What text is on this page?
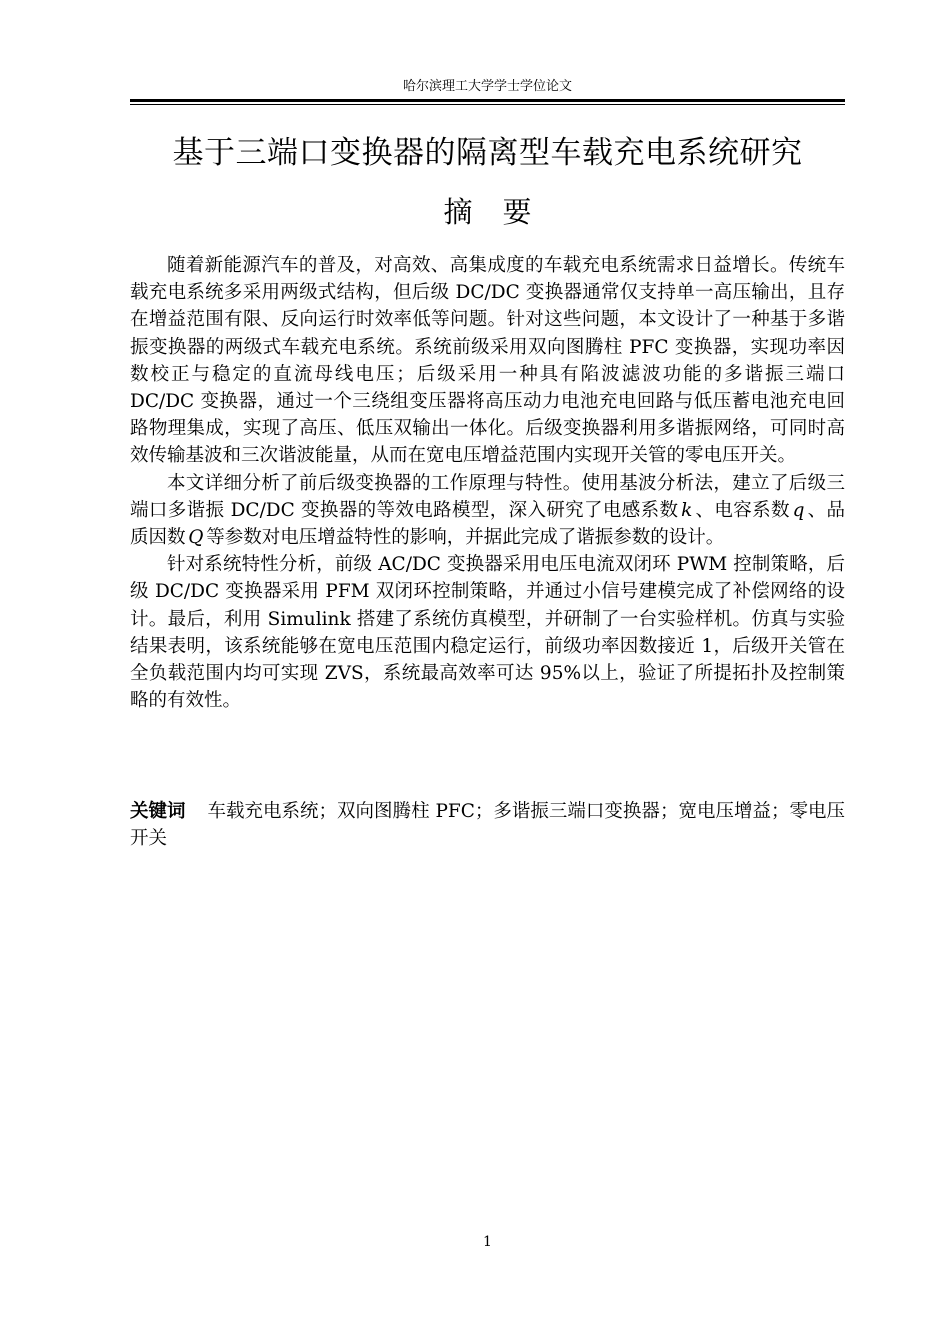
哈尔滨理工大学学士学位论文
基于三端口变换器的隔离型车载充电系统研究
摘要

随着新能源汽车的普及，对高效、高集成度的车载充电系统需求日益增长。传统车载充电系统多采用两级式结构，但后级 DC/DC 变换器通常仅支持单一高压输出，且存在增益范围有限、反向运行时效率低等问题。针对这些问题，本文设计了一种基于多谐振变换器的两级式车载充电系统。系统前级采用双向图腾柱 PFC 变换器，实现功率因数校正与稳定的直流母线电压；后级采用一种具有陷波滤波功能的多谐振三端口 DC/DC 变换器，通过一个三绕组变压器将高压动力电池充电回路与低压蓄电池充电回路物理集成，实现了高压、低压双输出一体化。后级变换器利用多谐振网络，可同时高效传输基波和三次谐波能量，从而在宽电压增益范围内实现开关管的零电压开关。

本文详细分析了前后级变换器的工作原理与特性。使用基波分析法，建立了后级三端口多谐振 DC/DC 变换器的等效电路模型，深入研究了电感系数 k 、电容系数 q 、品质因数 Q 等参数对电压增益特性的影响，并据此完成了谐振参数的设计。

针对系统特性分析，前级 AC/DC 变换器采用电压电流双闭环 PWM 控制策略，后级 DC/DC 变换器采用 PFM 双闭环控制策略，并通过小信号建模完成了补偿网络的设计。最后，利用 Simulink 搭建了系统仿真模型，并研制了一台实验样机。仿真与实验结果表明，该系统能够在宽电压范围内稳定运行，前级功率因数接近 1，后级开关管在全负载范围内均可实现 ZVS，系统最高效率可达 95%以上，验证了所提拓扑及控制策略的有效性。

关键词 车载充电系统；双向图腾柱 PFC；多谐振三端口变换器；宽电压增益；零电压开关
1
